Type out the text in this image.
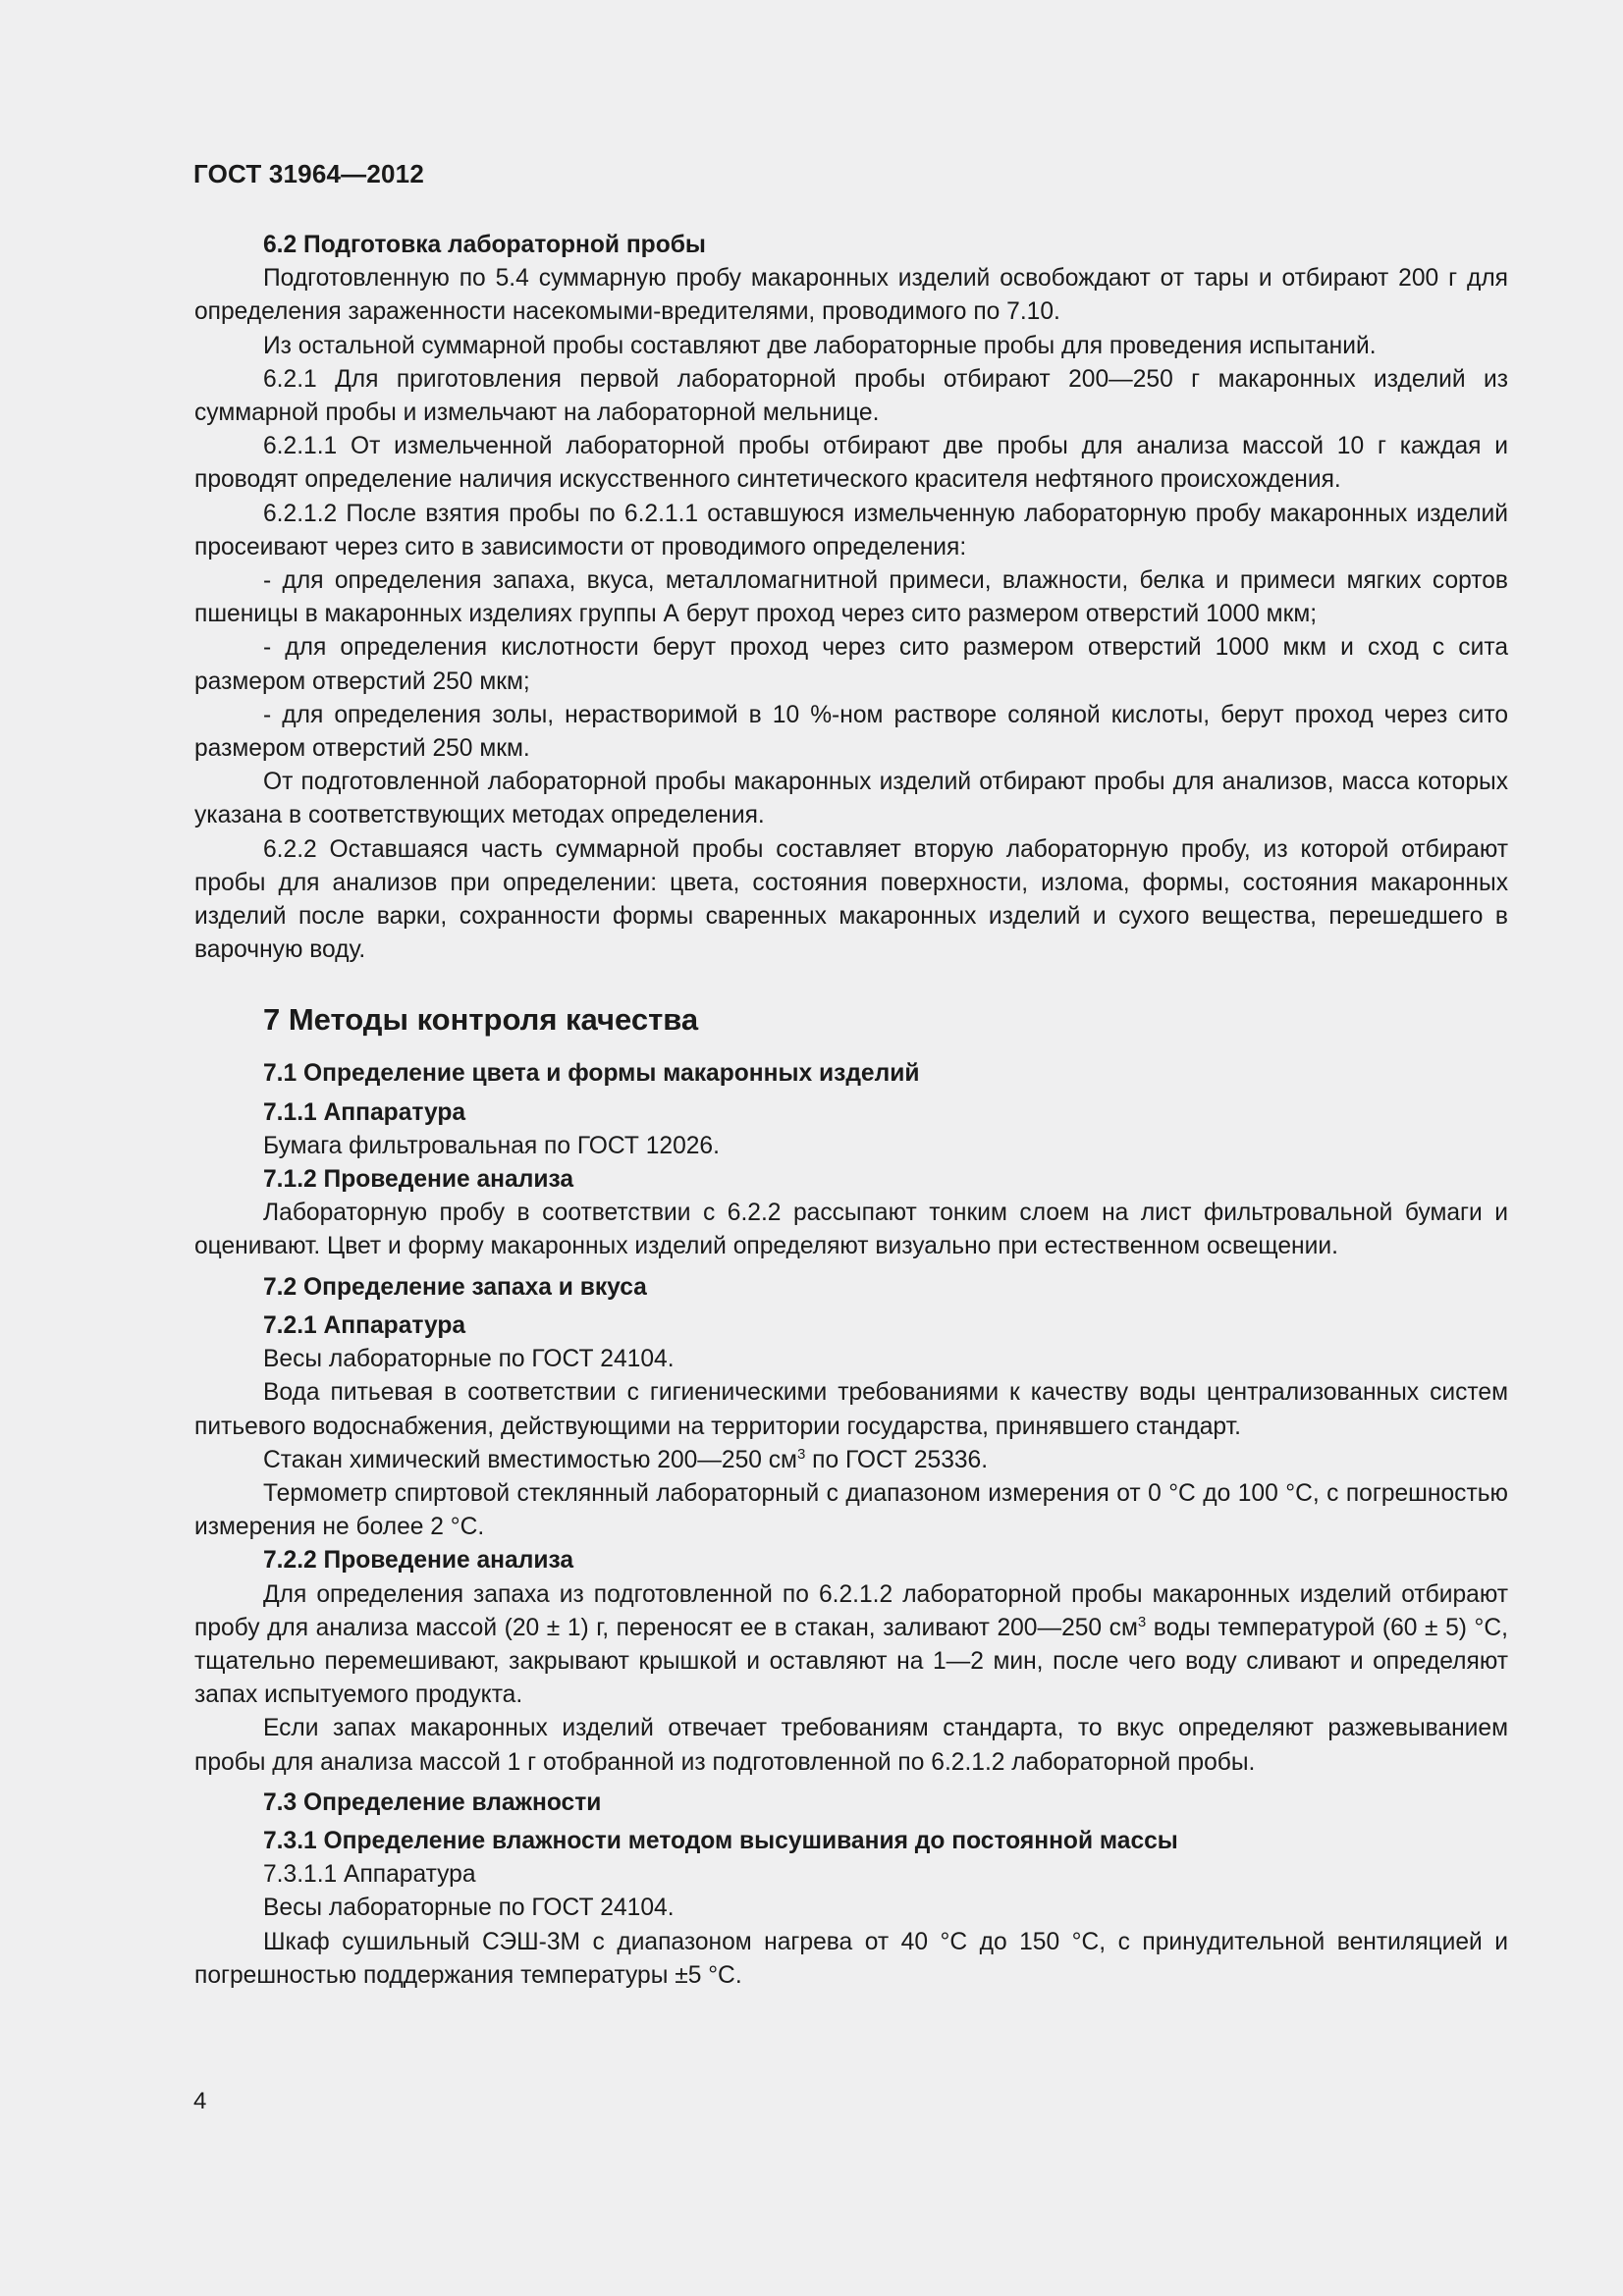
ГОСТ 31964—2012

6.2 Подготовка лабораторной пробы

Подготовленную по 5.4 суммарную пробу макаронных изделий освобождают от тары и отбирают 200 г для определения зараженности насекомыми-вредителями, проводимого по 7.10.

Из остальной суммарной пробы составляют две лабораторные пробы для проведения испытаний.

6.2.1 Для приготовления первой лабораторной пробы отбирают 200—250 г макаронных изделий из суммарной пробы и измельчают на лабораторной мельнице.

6.2.1.1 От измельченной лабораторной пробы отбирают две пробы для анализа массой 10 г каждая и проводят определение наличия искусственного синтетического красителя нефтяного происхождения.

6.2.1.2 После взятия пробы по 6.2.1.1 оставшуюся измельченную лабораторную пробу макаронных изделий просеивают через сито в зависимости от проводимого определения:

- для определения запаха, вкуса, металломагнитной примеси, влажности, белка и примеси мягких сортов пшеницы в макаронных изделиях группы А берут проход через сито размером отверстий 1000 мкм;

- для определения кислотности берут проход через сито размером отверстий 1000 мкм и сход с сита размером отверстий 250 мкм;

- для определения золы, нерастворимой в 10 %-ном растворе соляной кислоты, берут проход через сито размером отверстий 250 мкм.

От подготовленной лабораторной пробы макаронных изделий отбирают пробы для анализов, масса которых указана в соответствующих методах определения.

6.2.2 Оставшаяся часть суммарной пробы составляет вторую лабораторную пробу, из которой отбирают пробы для анализов при определении: цвета, состояния поверхности, излома, формы, состояния макаронных изделий после варки, сохранности формы сваренных макаронных изделий и сухого вещества, перешедшего в варочную воду.

7 Методы контроля качества

7.1 Определение цвета и формы макаронных изделий

7.1.1 Аппаратура

Бумага фильтровальная по ГОСТ 12026.

7.1.2 Проведение анализа

Лабораторную пробу в соответствии с 6.2.2 рассыпают тонким слоем на лист фильтровальной бумаги и оценивают. Цвет и форму макаронных изделий определяют визуально при естественном освещении.

7.2 Определение запаха и вкуса

7.2.1 Аппаратура

Весы лабораторные по ГОСТ 24104.

Вода питьевая в соответствии с гигиеническими требованиями к качеству воды централизованных систем питьевого водоснабжения, действующими на территории государства, принявшего стандарт.

Стакан химический вместимостью 200—250 $см^3$ по ГОСТ 25336.

Термометр спиртовой стеклянный лабораторный с диапазоном измерения от 0 °С до 100 °С, с погрешностью измерения не более 2 °С.

7.2.2 Проведение анализа

Для определения запаха из подготовленной по 6.2.1.2 лабораторной пробы макаронных изделий отбирают пробу для анализа массой (20 ± 1) г, переносят ее в стакан, заливают 200—250 $см^3$ воды температурой (60 ± 5) °С, тщательно перемешивают, закрывают крышкой и оставляют на 1—2 мин, после чего воду сливают и определяют запах испытуемого продукта.

Если запах макаронных изделий отвечает требованиям стандарта, то вкус определяют разжевыванием пробы для анализа массой 1 г отобранной из подготовленной по 6.2.1.2 лабораторной пробы.

7.3 Определение влажности

7.3.1 Определение влажности методом высушивания до постоянной массы

7.3.1.1 Аппаратура

Весы лабораторные по ГОСТ 24104.

Шкаф сушильный СЭШ-3М с диапазоном нагрева от 40 °С до 150 °С, с принудительной вентиляцией и погрешностью поддержания температуры ±5 °С.

4
